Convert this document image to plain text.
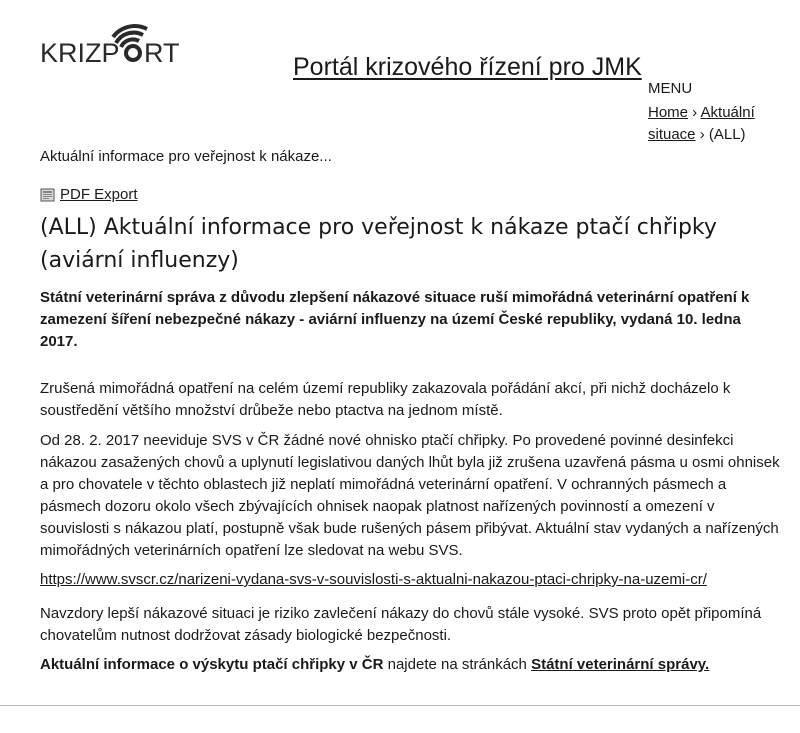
KRIZP RT	Portál krizového řízení pro JMK
MENU
Home › Aktuální situace › (ALL)
Aktuální informace pro veřejnost k nákaze...
PDF Export
(ALL) Aktuální informace pro veřejnost k nákaze ptačí chřipky (aviární influenzy)
Státní veterinární správa z důvodu zlepšení nákazové situace ruší mimořádná veterinární opatření k zamezení šíření nebezpečné nákazy - aviární influenzy na území České republiky, vydaná 10. ledna 2017.
Zrušená mimořádná opatření na celém území republiky zakazovala pořádání akcí, při nichž docházelo k soustředění většího množství drůbeže nebo ptactva na jednom místě.
Od 28. 2. 2017 neeviduje SVS v ČR žádné nové ohnisko ptačí chřipky. Po provedené povinné desinfekci nákazou zasažených chovů a uplynutí legislativou daných lhůt byla již zrušena uzavřená pásma u osmi ohnisek a pro chovatele v těchto oblastech již neplatí mimořádná veterinární opatření. V ochranných pásmech a pásmech dozoru okolo všech zbývajících ohnisek naopak platnost nařízených povinností a omezení v souvislosti s nákazou platí, postupně však bude rušených pásem přibývat. Aktuální stav vydaných a nařízených mimořádných veterinárních opatření lze sledovat na webu SVS.
https://www.svscr.cz/narizeni-vydana-svs-v-souvislosti-s-aktualni-nakazou-ptaci-chripky-na-uzemi-cr/
Navzdory lepší nákazové situaci je riziko zavlečení nákazy do chovů stále vysoké. SVS proto opět připomíná chovatelům nutnost dodržovat zásady biologické bezpečnosti.
Aktuální informace o výskytu ptačí chřipky v ČR najdete na stránkách Státní veterinární správy.
